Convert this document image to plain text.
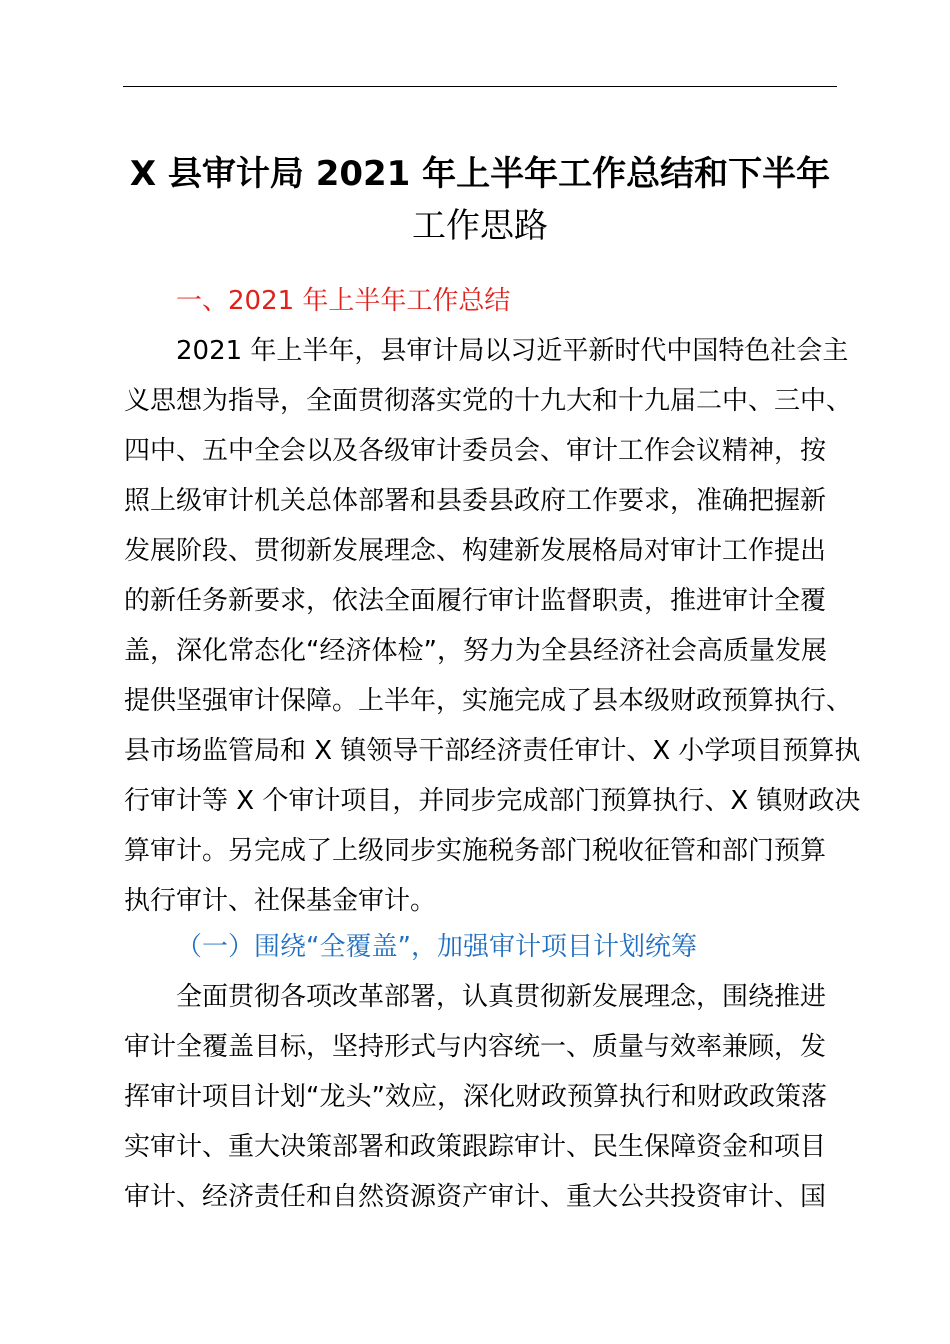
X 县审计局 2021 年上半年工作总结和下半年
工作思路
一、2021 年上半年工作总结
2021 年上半年，县审计局以习近平新时代中国特色社会主
义思想为指导，全面贯彻落实党的十九大和十九届二中、三中、
四中、五中全会以及各级审计委员会、审计工作会议精神，按
照上级审计机关总体部署和县委县政府工作要求，准确把握新
发展阶段、贯彻新发展理念、构建新发展格局对审计工作提出
的新任务新要求，依法全面履行审计监督职责，推进审计全覆
盖，深化常态化“经济体检”，努力为全县经济社会高质量发展
提供坚强审计保障。上半年，实施完成了县本级财政预算执行、
县市场监管局和 X 镇领导干部经济责任审计、X 小学项目预算执
行审计等 X 个审计项目，并同步完成部门预算执行、X 镇财政决
算审计。另完成了上级同步实施税务部门税收征管和部门预算
执行审计、社保基金审计。
（一）围绕“全覆盖”，加强审计项目计划统筹
全面贯彻各项改革部署，认真贯彻新发展理念，围绕推进
审计全覆盖目标，坚持形式与内容统一、质量与效率兼顾，发
挥审计项目计划“龙头”效应，深化财政预算执行和财政政策落
实审计、重大决策部署和政策跟踪审计、民生保障资金和项目
审计、经济责任和自然资源资产审计、重大公共投资审计、国
